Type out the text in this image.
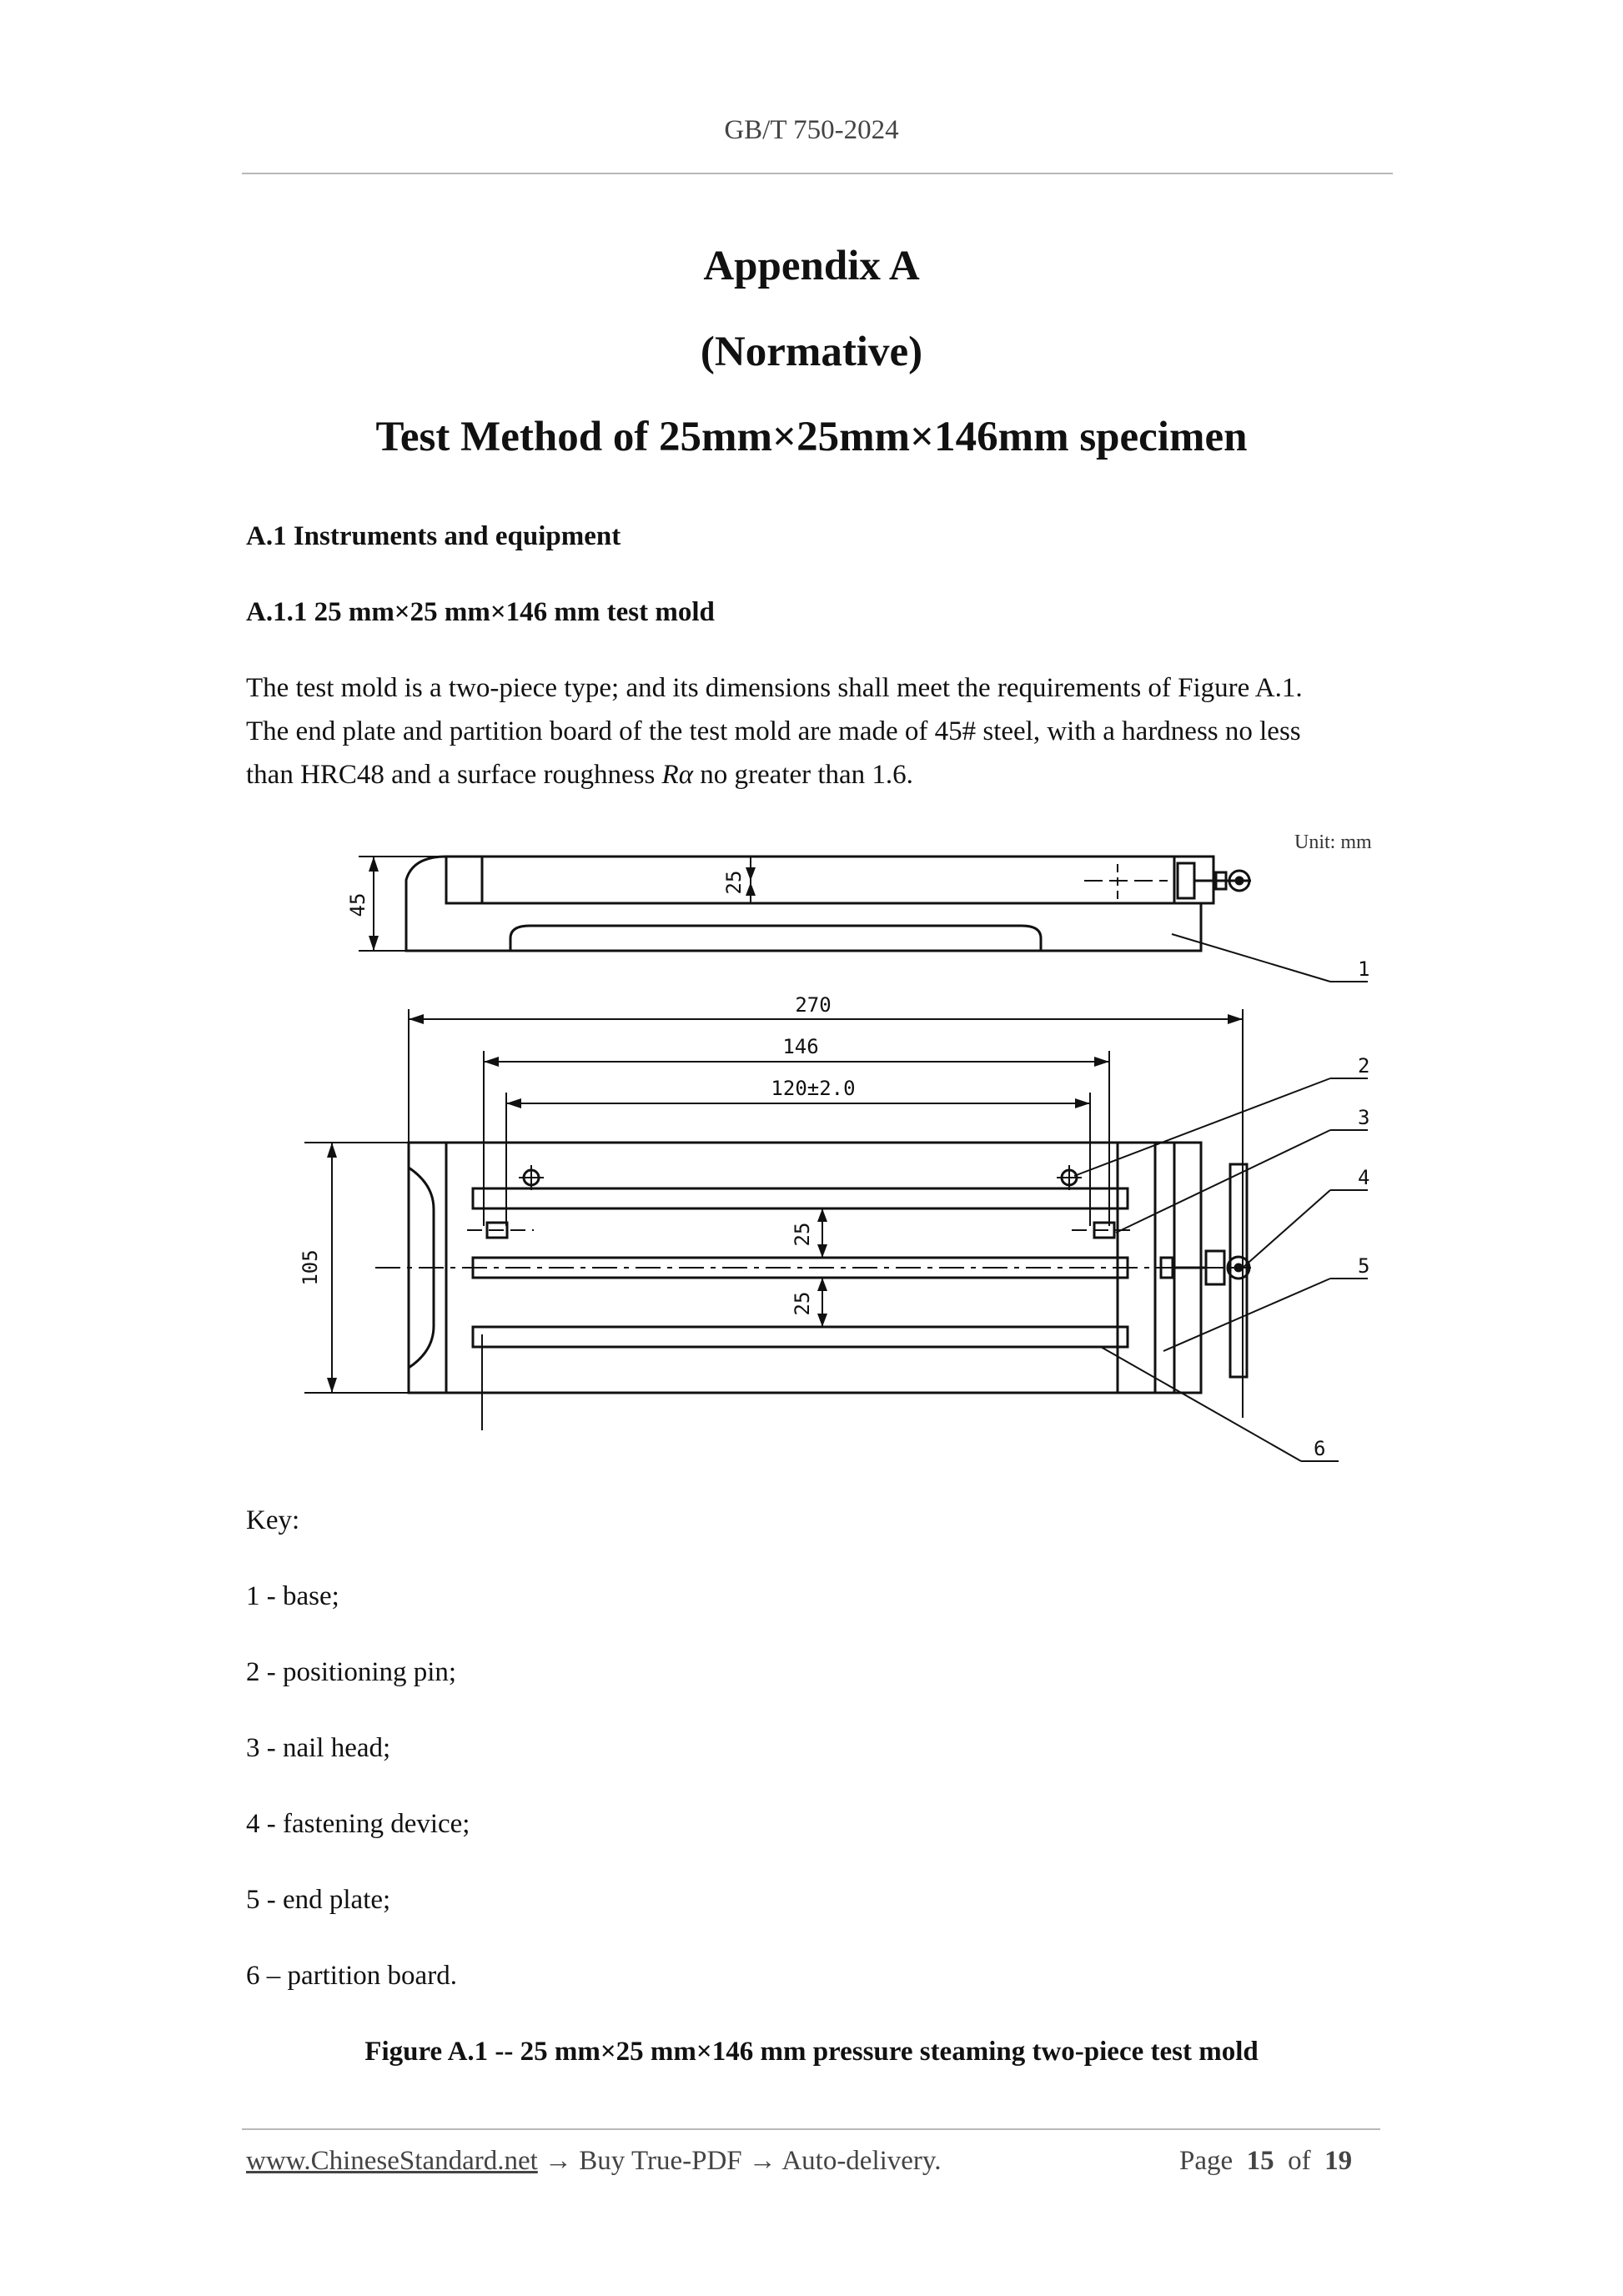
GB/T 750-2024
Appendix A
(Normative)
Test Method of 25mm×25mm×146mm specimen
A.1 Instruments and equipment
A.1.1 25 mm×25 mm×146 mm test mold
The test mold is a two-piece type; and its dimensions shall meet the requirements of Figure A.1.
The end plate and partition board of the test mold are made of 45# steel, with a hardness no less
than HRC48 and a surface roughness Rα no greater than 1.6.
Unit: mm
45
25
270
146
120±2.0
105
25
25
1
2
3
4
5
6
Key:
1 - base;
2 - positioning pin;
3 - nail head;
4 - fastening device;
5 - end plate;
6 – partition board.
Figure A.1 -- 25 mm×25 mm×146 mm pressure steaming two-piece test mold
www.ChineseStandard.net → Buy True-PDF → Auto-delivery.	Page 15 of 19
